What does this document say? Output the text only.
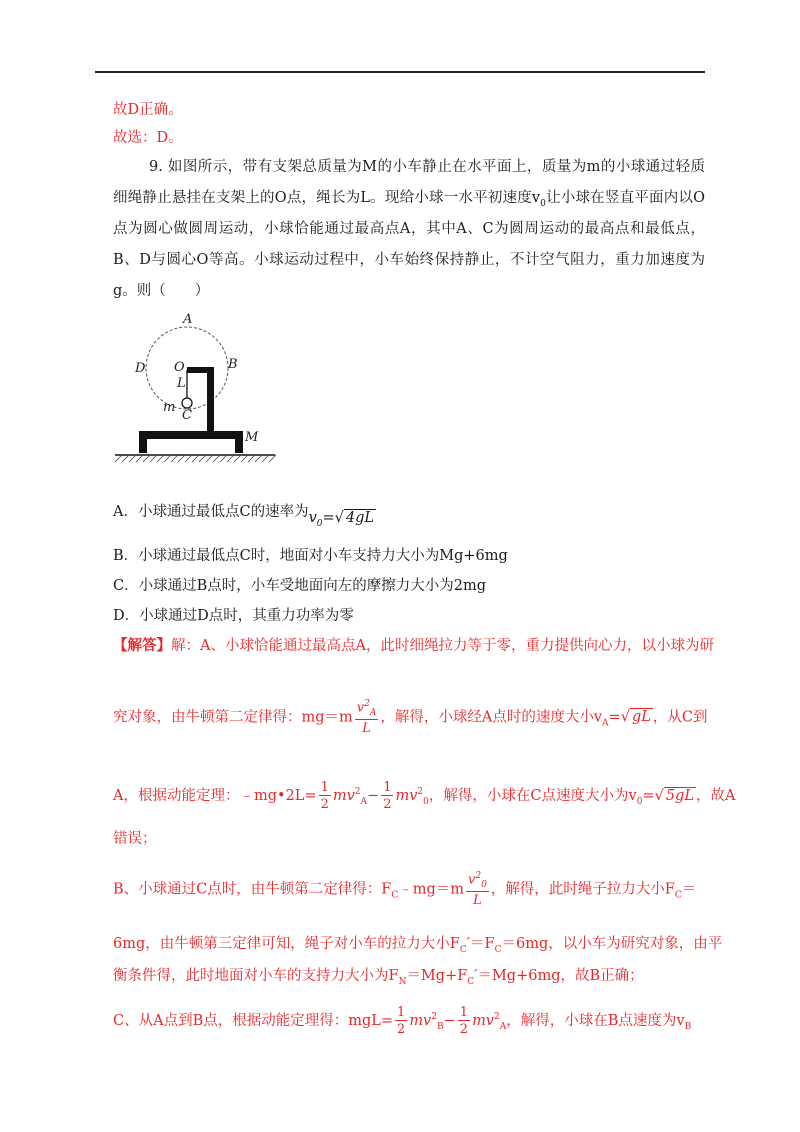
故D正确。
故选：D。
9. 如图所示，带有支架总质量为M的小车静止在水平面上，质量为m的小球通过轻质
细绳静止悬挂在支架上的O点，绳长为L。现给小球一水平初速度$v_0$让小球在竖直平面内以O
点为圆心做圆周运动，小球恰能通过最高点A，其中A、C为圆周运动的最高点和最低点，
B、D与圆心O等高。小球运动过程中，小车始终保持静止，不计空气阻力，重力加速度为
g。则（　　）
A
B
C
D O
L
m
M
A．小球通过最低点C的速率为$v_0=√$ 4gL
B．小球通过最低点C时，地面对小车支持力大小为Mg+6mg
C．小球通过B点时，小车受地面向左的摩擦力大小为2mg
D．小球通过D点时，其重力功率为零
【解答】解：A、小球恰能通过最高点A，此时细绳拉力等于零，重力提供向心力，以小球为研
究对象，由牛顿第二定律得：$mg=m \frac{v^2_A}{L}$ ，解得，小球经A点时的速度大小$v_A=√$ gL ，从C到
A，根据动能定理：﹣mg•2L= $\frac{1}{2} mv^2_A- \frac{1}{2} mv^2_0$，解得，小球在C点速度大小为$v_0=√$ 5gL ，故A
错误；
B、小球通过C点时，由牛顿第二定律得：$F_C﹣mg=m \frac{v^2_0}{L}$ ，解得，此时绳子拉力大小$F_C=$
6mg，由牛顿第三定律可知，绳子对小车的拉力大小$F_C'=F_C=6mg$，以小车为研究对象，由平
衡条件得，此时地面对小车的支持力大小为$F_N=Mg+F_C'=Mg+6mg$，故B正确；
C、从A点到B点，根据动能定理得：$mgL= \frac{1}{2} mv^2_B- \frac{1}{2} mv^2_A$，解得，小球在B点速度为$v_B$
